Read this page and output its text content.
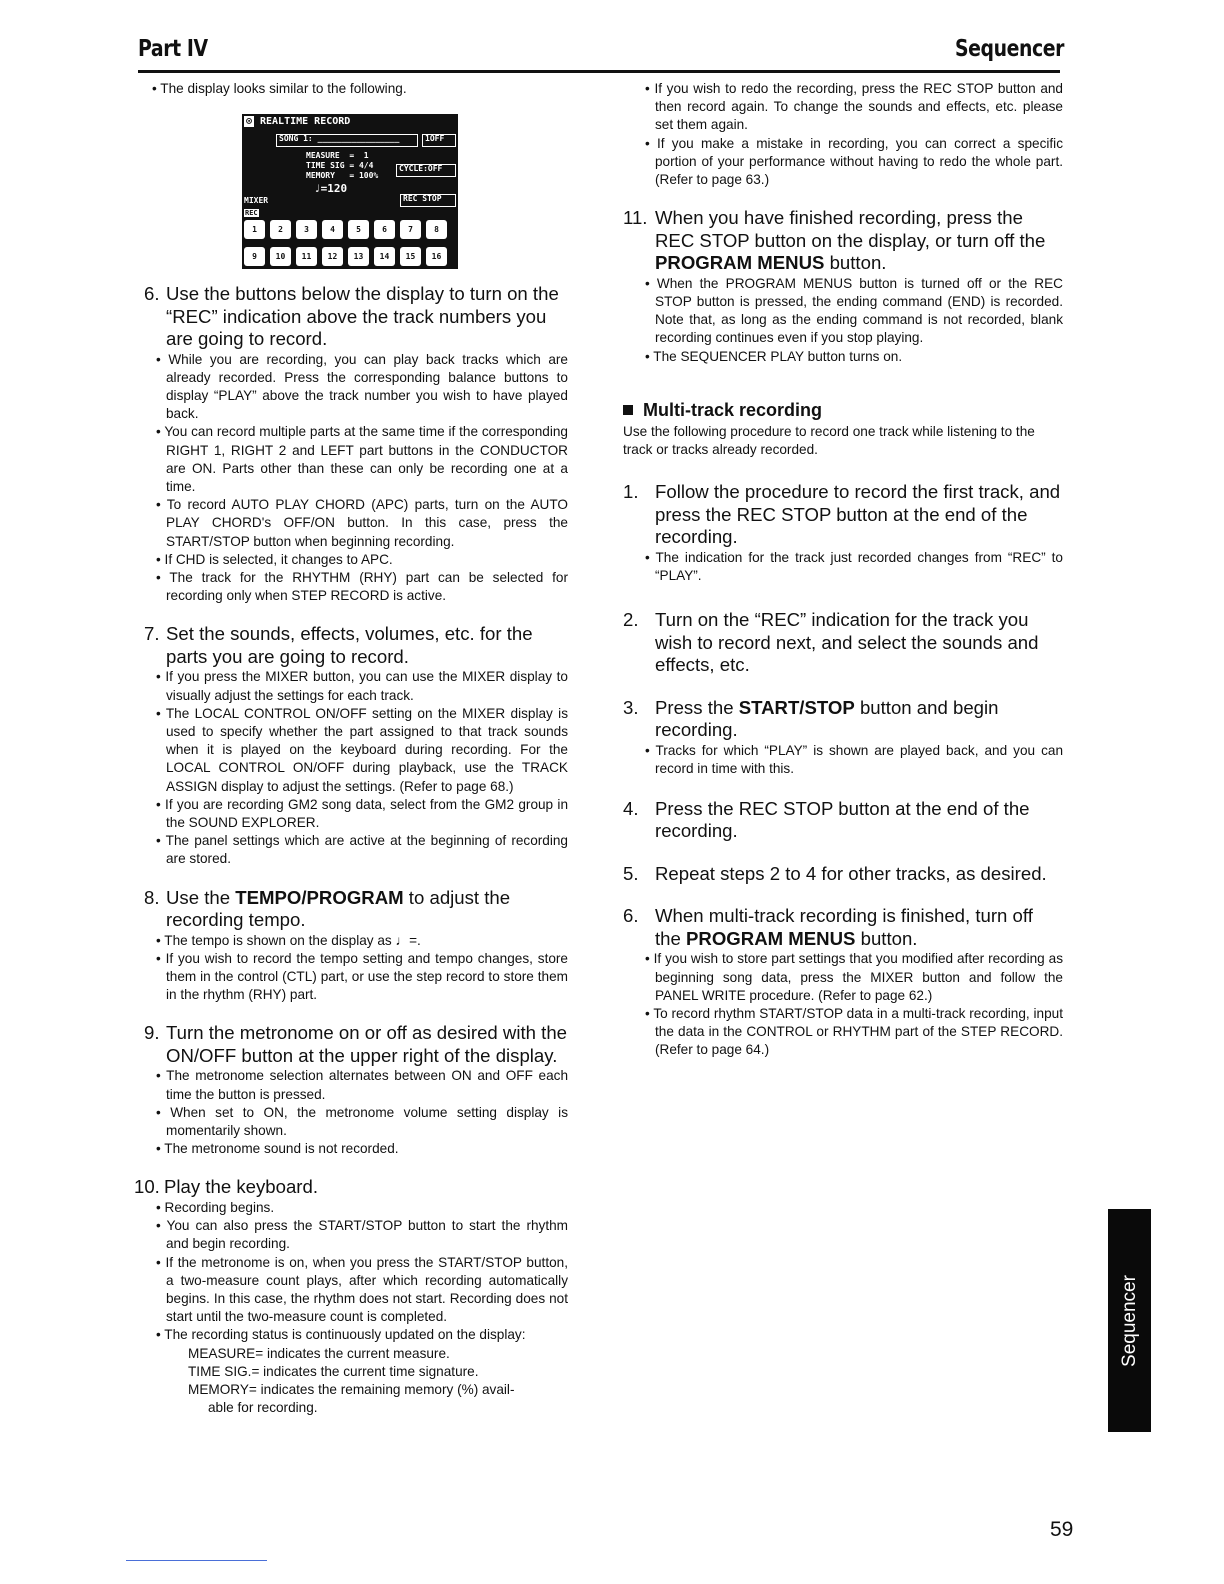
Part IV	Sequencer

• The display looks similar to the following.

⊙ REALTIME RECORD
SONG 1: _________________	1OFF
MEASURE  =  1
TIME SIG = 4/4
MEMORY   = 100%
♩=120
CYCLE:OFF
MIXER	REC STOP
REC
1	2	3	4	5	6	7	8
9	10	11	12	13	14	15	16
6. Use the buttons below the display to turn on the “REC” indication above the track numbers you are going to record.
• While you are recording, you can play back tracks which are already recorded. Press the corresponding balance buttons to display “PLAY” above the track number you wish to have played back.
• You can record multiple parts at the same time if the corresponding RIGHT 1, RIGHT 2 and LEFT part buttons in the CONDUCTOR are ON. Parts other than these can only be recording one at a time.
• To record AUTO PLAY CHORD (APC) parts, turn on the AUTO PLAY CHORD's OFF/ON button. In this case, press the START/STOP button when beginning recording.
• If CHD is selected, it changes to APC.
• The track for the RHYTHM (RHY) part can be selected for recording only when STEP RECORD is active.
7. Set the sounds, effects, volumes, etc. for the parts you are going to record.
• If you press the MIXER button, you can use the MIXER display to visually adjust the settings for each track.
• The LOCAL CONTROL ON/OFF setting on the MIXER display is used to specify whether the part assigned to that track sounds when it is played on the keyboard during recording. For the LOCAL CONTROL ON/OFF during playback, use the TRACK ASSIGN display to adjust the settings. (Refer to page 68.)
• If you are recording GM2 song data, select from the GM2 group in the SOUND EXPLORER.
• The panel settings which are active at the beginning of recording are stored.
8. Use the TEMPO/PROGRAM to adjust the recording tempo.
• The tempo is shown on the display as ♩=.
• If you wish to record the tempo setting and tempo changes, store them in the control (CTL) part, or use the step record to store them in the rhythm (RHY) part.
9. Turn the metronome on or off as desired with the ON/OFF button at the upper right of the display.
• The metronome selection alternates between ON and OFF each time the button is pressed.
• When set to ON, the metronome volume setting display is momentarily shown.
• The metronome sound is not recorded.
10. Play the keyboard.
• Recording begins.
• You can also press the START/STOP button to start the rhythm and begin recording.
• If the metronome is on, when you press the START/STOP button, a two-measure count plays, after which recording automatically begins. In this case, the rhythm does not start. Recording does not start until the two-measure count is completed.
• The recording status is continuously updated on the display:
MEASURE= indicates the current measure.
TIME SIG.= indicates the current time signature.
MEMORY= indicates the remaining memory (%) avail-
able for recording.
• If you wish to redo the recording, press the REC STOP button and then record again. To change the sounds and effects, etc. please set them again.
• If you make a mistake in recording, you can correct a specific portion of your performance without having to redo the whole part. (Refer to page 63.)
11. When you have finished recording, press the REC STOP button on the display, or turn off the PROGRAM MENUS button.
• When the PROGRAM MENUS button is turned off or the REC STOP button is pressed, the ending command (END) is recorded. Note that, as long as the ending command is not recorded, blank recording continues even if you stop playing.
• The SEQUENCER PLAY button turns on.
Multi-track recording

Use the following procedure to record one track while listening to the track or tracks already recorded.

1. Follow the procedure to record the first track, and press the REC STOP button at the end of the recording.
• The indication for the track just recorded changes from “REC” to “PLAY”.
2. Turn on the “REC” indication for the track you wish to record next, and select the sounds and effects, etc.
3. Press the START/STOP button and begin recording.
• Tracks for which “PLAY” is shown are played back, and you can record in time with this.
4. Press the REC STOP button at the end of the recording.
5. Repeat steps 2 to 4 for other tracks, as desired.
6. When multi-track recording is finished, turn off the PROGRAM MENUS button.
• If you wish to store part settings that you modified after recording as beginning song data, press the MIXER button and follow the PANEL WRITE procedure. (Refer to page 62.)
• To record rhythm START/STOP data in a multi-track recording, input the data in the CONTROL or RHYTHM part of the STEP RECORD. (Refer to page 64.)
Sequencer
59
